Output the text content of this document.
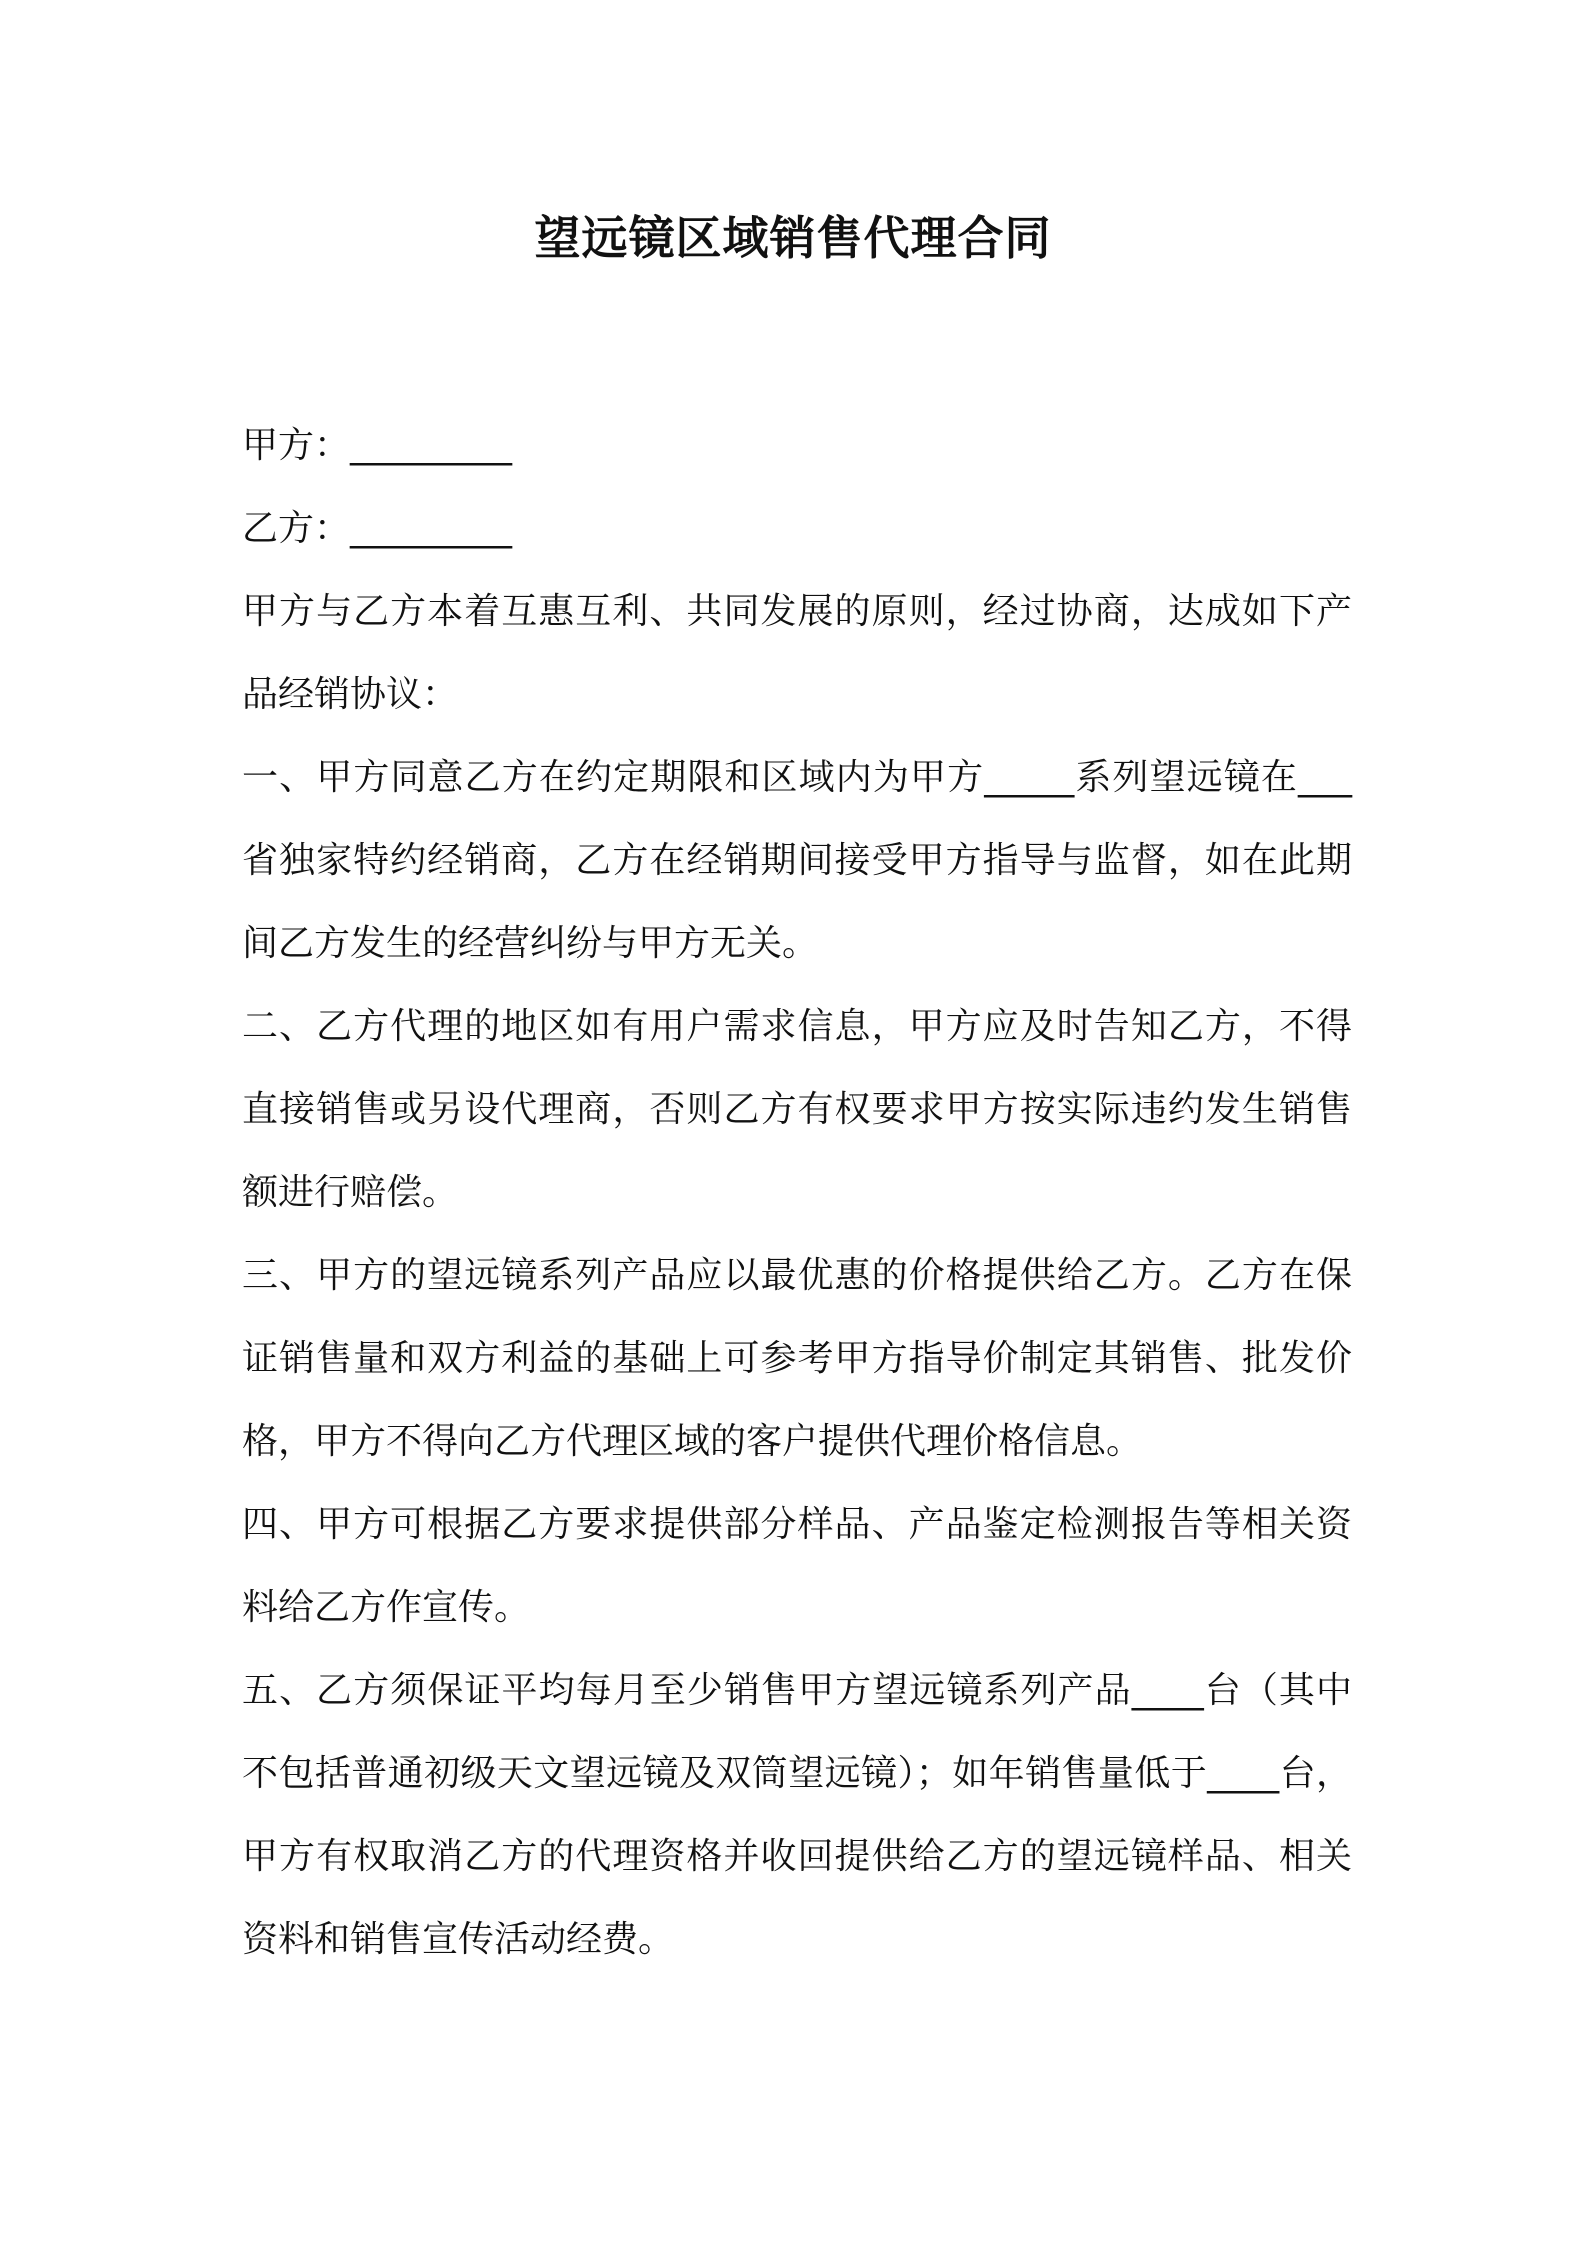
望远镜区域销售代理合同

甲方：_________

乙方：_________

甲方与乙方本着互惠互利、共同发展的原则，经过协商，达成如下产品经销协议：

一、甲方同意乙方在约定期限和区域内为甲方_____系列望远镜在___省独家特约经销商，乙方在经销期间接受甲方指导与监督，如在此期间乙方发生的经营纠纷与甲方无关。

二、乙方代理的地区如有用户需求信息，甲方应及时告知乙方，不得直接销售或另设代理商，否则乙方有权要求甲方按实际违约发生销售额进行赔偿。

三、甲方的望远镜系列产品应以最优惠的价格提供给乙方。乙方在保证销售量和双方利益的基础上可参考甲方指导价制定其销售、批发价格，甲方不得向乙方代理区域的客户提供代理价格信息。

四、甲方可根据乙方要求提供部分样品、产品鉴定检测报告等相关资料给乙方作宣传。

五、乙方须保证平均每月至少销售甲方望远镜系列产品____台（其中不包括普通初级天文望远镜及双筒望远镜）；如年销售量低于____台，甲方有权取消乙方的代理资格并收回提供给乙方的望远镜样品、相关资料和销售宣传活动经费。
